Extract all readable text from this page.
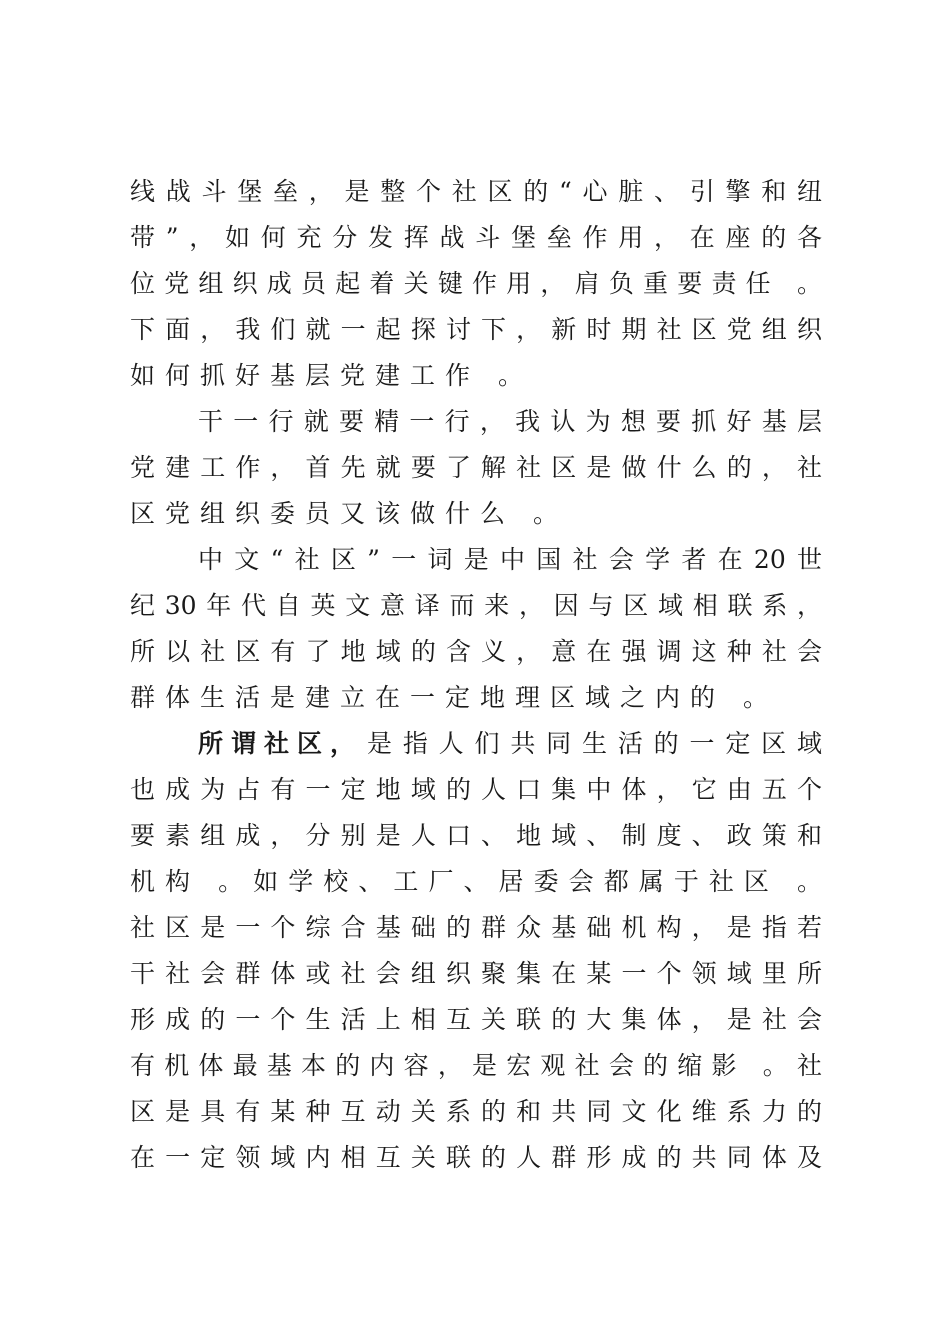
线战斗堡垒，是整个社区的“心脏、引擎和纽
带”，如何充分发挥战斗堡垒作用，在座的各
位党组织成员起着关键作用，肩负重要责任 。
下面，我们就一起探讨下，新时期社区党组织
如何抓好基层党建工作 。
干一行就要精一行，我认为想要抓好基层
党建工作，首先就要了解社区是做什么的，社
区党组织委员又该做什么 。
中文“社区”一词是中国社会学者在20世
纪30年代自英文意译而来，因与区域相联系，
所以社区有了地域的含义，意在强调这种社会
群体生活是建立在一定地理区域之内的 。
所谓社区， 是指人们共同生活的一定区域
也成为占有一定地域的人口集中体，它由五个
要素组成，分别是人口、地域、制度、政策和
机构 。如学校、工厂、居委会都属于社区 。
社区是一个综合基础的群众基础机构，是指若
干社会群体或社会组织聚集在某一个领域里所
形成的一个生活上相互关联的大集体，是社会
有机体最基本的内容，是宏观社会的缩影 。社
区是具有某种互动关系的和共同文化维系力的
在一定领域内相互关联的人群形成的共同体及
